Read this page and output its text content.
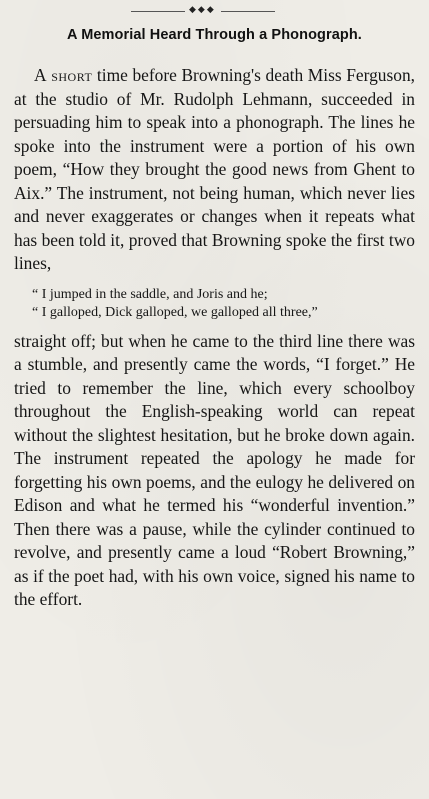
◆◆◆
A Memorial Heard Through a Phonograph.

A short time before Browning's death Miss Ferguson, at the studio of Mr. Rudolph Lehmann, succeeded in persuading him to speak into a phonograph. The lines he spoke into the instrument were a portion of his own poem, “How they brought the good news from Ghent to Aix.” The instrument, not being human, which never lies and never exaggerates or changes when it repeats what has been told it, proved that Browning spoke the first two lines,

“ I jumped in the saddle, and Joris and he;
“ I galloped, Dick galloped, we galloped all three,”

straight off; but when he came to the third line there was a stumble, and presently came the words, “I forget.” He tried to remember the line, which every schoolboy throughout the English-speaking world can repeat without the slightest hesitation, but he broke down again. The instrument repeated the apology he made for forgetting his own poems, and the eulogy he delivered on Edison and what he termed his “wonderful invention.” Then there was a pause, while the cylinder continued to revolve, and presently came a loud “Robert Browning,” as if the poet had, with his own voice, signed his name to the effort.
